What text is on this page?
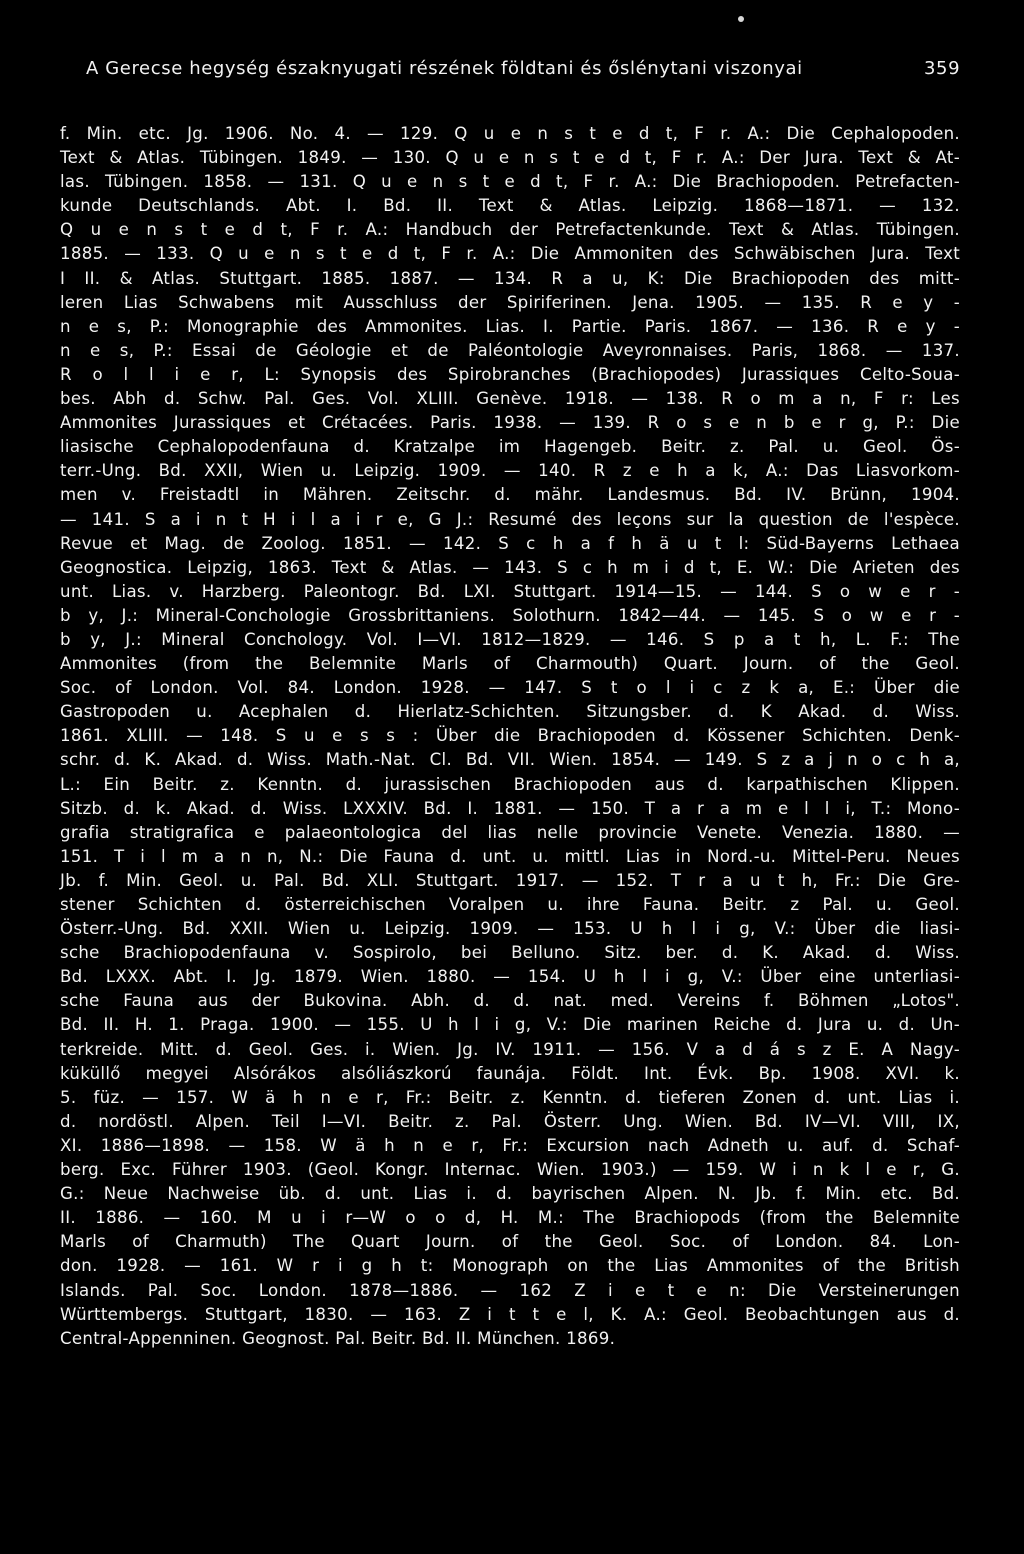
A Gerecse hegység északnyugati részének földtani és őslénytani viszonyai	359
f. Min. etc. Jg. 1906. No. 4. — 129. Q u e n s t e d t, F r. A.: Die Cephalopoden.
Text & Atlas. Tübingen. 1849. — 130. Q u e n s t e d t, F r. A.: Der Jura. Text & At-
las. Tübingen. 1858. — 131. Q u e n s t e d t, F r. A.: Die Brachiopoden. Petrefacten-
kunde Deutschlands. Abt. I. Bd. II. Text & Atlas. Leipzig. 1868—1871. — 132.
Q u e n s t e d t, F r. A.: Handbuch der Petrefactenkunde. Text & Atlas. Tübingen.
1885. — 133. Q u e n s t e d t, F r. A.: Die Ammoniten des Schwäbischen Jura. Text
I II. & Atlas. Stuttgart. 1885. 1887. — 134. R a u, K: Die Brachiopoden des mitt-
leren Lias Schwabens mit Ausschluss der Spiriferinen. Jena. 1905. — 135. R e y -
n e s, P.: Monographie des Ammonites. Lias. I. Partie. Paris. 1867. — 136. R e y -
n e s, P.: Essai de Géologie et de Paléontologie Aveyronnaises. Paris, 1868. — 137.
R o l l i e r, L: Synopsis des Spirobranches (Brachiopodes) Jurassiques Celto-Soua-
bes. Abh d. Schw. Pal. Ges. Vol. XLIII. Genève. 1918. — 138. R o m a n, F r: Les
Ammonites Jurassiques et Crétacées. Paris. 1938. — 139. R o s e n b e r g, P.: Die
liasische Cephalopodenfauna d. Kratzalpe im Hagengeb. Beitr. z. Pal. u. Geol. Ös-
terr.-Ung. Bd. XXII, Wien u. Leipzig. 1909. — 140. R z e h a k, A.: Das Liasvorkom-
men v. Freistadtl in Mähren. Zeitschr. d. mähr. Landesmus. Bd. IV. Brünn, 1904.
— 141. S a i n t H i l a i r e, G J.: Resumé des leçons sur la question de l'espèce.
Revue et Mag. de Zoolog. 1851. — 142. S c h a f h ä u t l: Süd-Bayerns Lethaea
Geognostica. Leipzig, 1863. Text & Atlas. — 143. S c h m i d t, E. W.: Die Arieten des
unt. Lias. v. Harzberg. Paleontogr. Bd. LXI. Stuttgart. 1914—15. — 144. S o w e r -
b y, J.: Mineral-Conchologie Grossbrittaniens. Solothurn. 1842—44. — 145. S o w e r -
b y, J.: Mineral Conchology. Vol. I—VI. 1812—1829. — 146. S p a t h, L. F.: The
Ammonites (from the Belemnite Marls of Charmouth) Quart. Journ. of the Geol.
Soc. of London. Vol. 84. London. 1928. — 147. S t o l i c z k a, E.: Über die
Gastropoden u. Acephalen d. Hierlatz-Schichten. Sitzungsber. d. K Akad. d. Wiss.
1861. XLIII. — 148. S u e s s : Über die Brachiopoden d. Kössener Schichten. Denk-
schr. d. K. Akad. d. Wiss. Math.-Nat. Cl. Bd. VII. Wien. 1854. — 149. S z a j n o c h a,
L.: Ein Beitr. z. Kenntn. d. jurassischen Brachiopoden aus d. karpathischen Klippen.
Sitzb. d. k. Akad. d. Wiss. LXXXIV. Bd. I. 1881. — 150. T a r a m e l l i, T.: Mono-
grafia stratigrafica e palaeontologica del lias nelle provincie Venete. Venezia. 1880. —
151. T i l m a n n, N.: Die Fauna d. unt. u. mittl. Lias in Nord.-u. Mittel-Peru. Neues
Jb. f. Min. Geol. u. Pal. Bd. XLI. Stuttgart. 1917. — 152. T r a u t h, Fr.: Die Gre-
stener Schichten d. österreichischen Voralpen u. ihre Fauna. Beitr. z Pal. u. Geol.
Österr.-Ung. Bd. XXII. Wien u. Leipzig. 1909. — 153. U h l i g, V.: Über die liasi-
sche Brachiopodenfauna v. Sospirolo, bei Belluno. Sitz. ber. d. K. Akad. d. Wiss.
Bd. LXXX. Abt. I. Jg. 1879. Wien. 1880. — 154. U h l i g, V.: Über eine unterliasi-
sche Fauna aus der Bukovina. Abh. d. d. nat. med. Vereins f. Böhmen „Lotos".
Bd. II. H. 1. Praga. 1900. — 155. U h l i g, V.: Die marinen Reiche d. Jura u. d. Un-
terkreide. Mitt. d. Geol. Ges. i. Wien. Jg. IV. 1911. — 156. V a d á s z E. A Nagy-
küküllő megyei Alsórákos alsóliászkorú faunája. Földt. Int. Évk. Bp. 1908. XVI. k.
5. füz. — 157. W ä h n e r, Fr.: Beitr. z. Kenntn. d. tieferen Zonen d. unt. Lias i.
d. nordöstl. Alpen. Teil I—VI. Beitr. z. Pal. Österr. Ung. Wien. Bd. IV—VI. VIII, IX,
XI. 1886—1898. — 158. W ä h n e r, Fr.: Excursion nach Adneth u. auf. d. Schaf-
berg. Exc. Führer 1903. (Geol. Kongr. Internac. Wien. 1903.) — 159. W i n k l e r, G.
G.: Neue Nachweise üb. d. unt. Lias i. d. bayrischen Alpen. N. Jb. f. Min. etc. Bd.
II. 1886. — 160. M u i r—W o o d, H. M.: The Brachiopods (from the Belemnite
Marls of Charmuth) The Quart Journ. of the Geol. Soc. of London. 84. Lon-
don. 1928. — 161. W r i g h t: Monograph on the Lias Ammonites of the British
Islands. Pal. Soc. London. 1878—1886. — 162 Z i e t e n: Die Versteinerungen
Württembergs. Stuttgart, 1830. — 163. Z i t t e l, K. A.: Geol. Beobachtungen aus d.
Central-Appenninen. Geognost. Pal. Beitr. Bd. II. München. 1869.
